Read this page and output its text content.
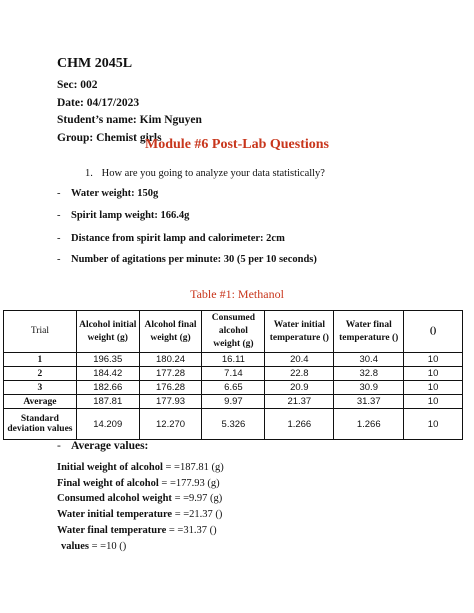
CHM 2045L
Sec: 002
Date: 04/17/2023
Student’s name: Kim Nguyen
Group: Chemist girls
Module #6 Post-Lab Questions
1. How are you going to analyze your data statistically?
- Water weight: 150g
- Spirit lamp weight: 166.4g
- Distance from spirit lamp and calorimeter: 2cm
- Number of agitations per minute: 30 (5 per 10 seconds)
Table #1: Methanol
Trial	Alcohol initial weight (g)	Alcohol final weight (g)	Consumed alcohol weight (g)	Water initial temperature ()	Water final temperature ()	()
1	196.35	180.24	16.11	20.4	30.4	10
2	184.42	177.28	7.14	22.8	32.8	10
3	182.66	176.28	6.65	20.9	30.9	10
Average	187.81	177.93	9.97	21.37	31.37	10
Standard deviation values	14.209	12.270	5.326	1.266	1.266	10
- Average values:
Initial weight of alcohol = =187.81 (g)
Final weight of alcohol = =177.93 (g)
Consumed alcohol weight = =9.97 (g)
Water initial temperature = =21.37 ()
Water final temperature = =31.37 ()
values = =10 ()
